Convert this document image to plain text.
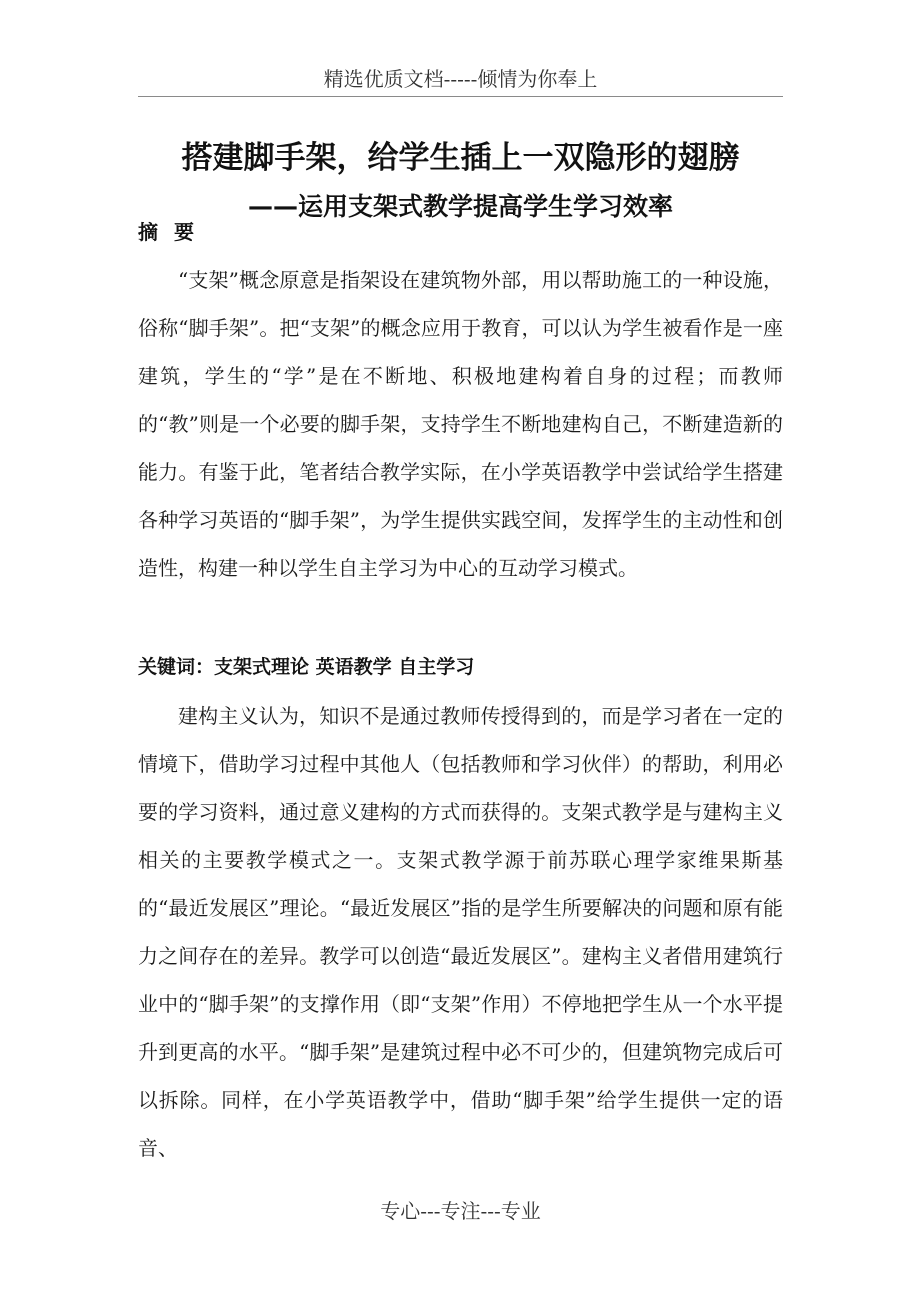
精选优质文档-----倾情为你奉上
搭建脚手架，给学生插上一双隐形的翅膀
——运用支架式教学提高学生学习效率
摘要

“支架”概念原意是指架设在建筑物外部，用以帮助施工的一种设施，俗称“脚手架”。把“支架”的概念应用于教育，可以认为学生被看作是一座建筑，学生的“学”是在不断地、积极地建构着自身的过程；而教师的“教”则是一个必要的脚手架，支持学生不断地建构自己，不断建造新的能力。有鉴于此，笔者结合教学实际，在小学英语教学中尝试给学生搭建各种学习英语的“脚手架”，为学生提供实践空间，发挥学生的主动性和创造性，构建一种以学生自主学习为中心的互动学习模式。

关键词：支架式理论 英语教学 自主学习

建构主义认为，知识不是通过教师传授得到的，而是学习者在一定的情境下，借助学习过程中其他人（包括教师和学习伙伴）的帮助，利用必要的学习资料，通过意义建构的方式而获得的。支架式教学是与建构主义相关的主要教学模式之一。支架式教学源于前苏联心理学家维果斯基的“最近发展区”理论。“最近发展区”指的是学生所要解决的问题和原有能力之间存在的差异。教学可以创造“最近发展区”。建构主义者借用建筑行业中的“脚手架”的支撑作用（即“支架”作用）不停地把学生从一个水平提升到更高的水平。“脚手架”是建筑过程中必不可少的，但建筑物完成后可以拆除。同样，在小学英语教学中，借助“脚手架”给学生提供一定的语音、

专心---专注---专业
